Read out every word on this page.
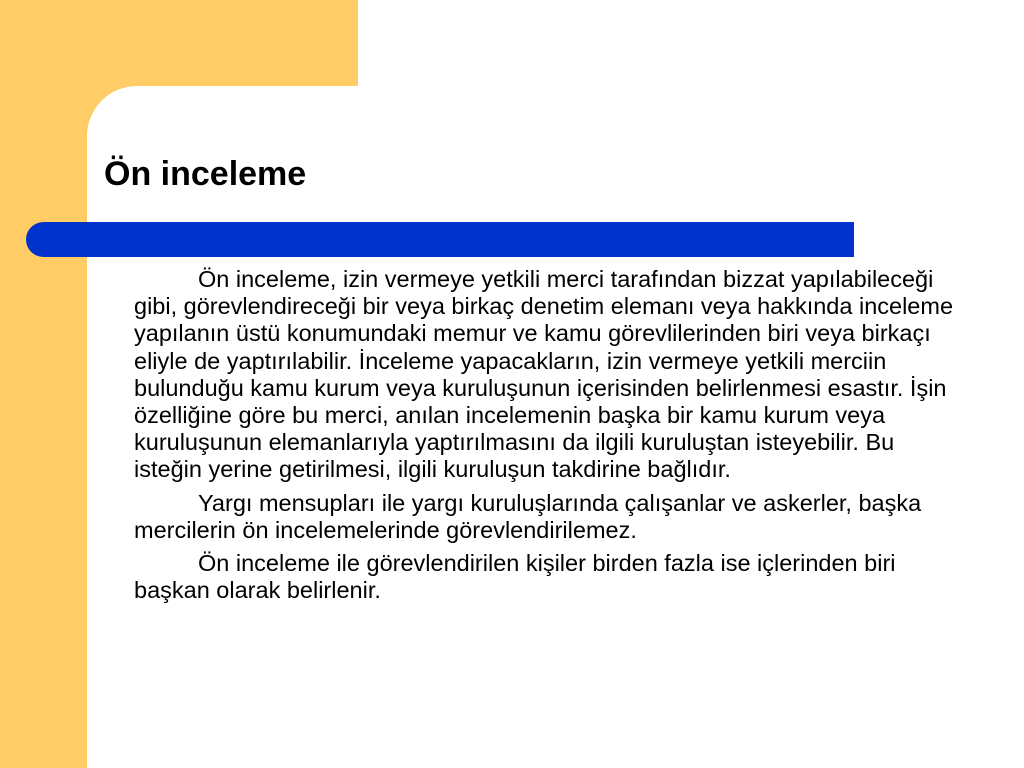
Ön inceleme

Ön inceleme, izin vermeye yetkili merci tarafından bizzat yapılabileceği gibi, görevlendireceği bir veya birkaç denetim elemanı veya hakkında inceleme yapılanın üstü konumundaki memur ve kamu görevlilerinden biri veya birkaçı eliyle de yaptırılabilir. İnceleme yapacakların, izin vermeye yetkili merciin bulunduğu kamu kurum veya kuruluşunun içerisinden belirlenmesi esastır. İşin özelliğine göre bu merci, anılan incelemenin başka bir kamu kurum veya kuruluşunun elemanlarıyla yaptırılmasını da ilgili kuruluştan isteyebilir. Bu isteğin yerine getirilmesi, ilgili kuruluşun takdirine bağlıdır.

Yargı mensupları ile yargı kuruluşlarında çalışanlar ve askerler, başka mercilerin ön incelemelerinde görevlendirilemez.

Ön inceleme ile görevlendirilen kişiler birden fazla ise içlerinden biri başkan olarak belirlenir.
